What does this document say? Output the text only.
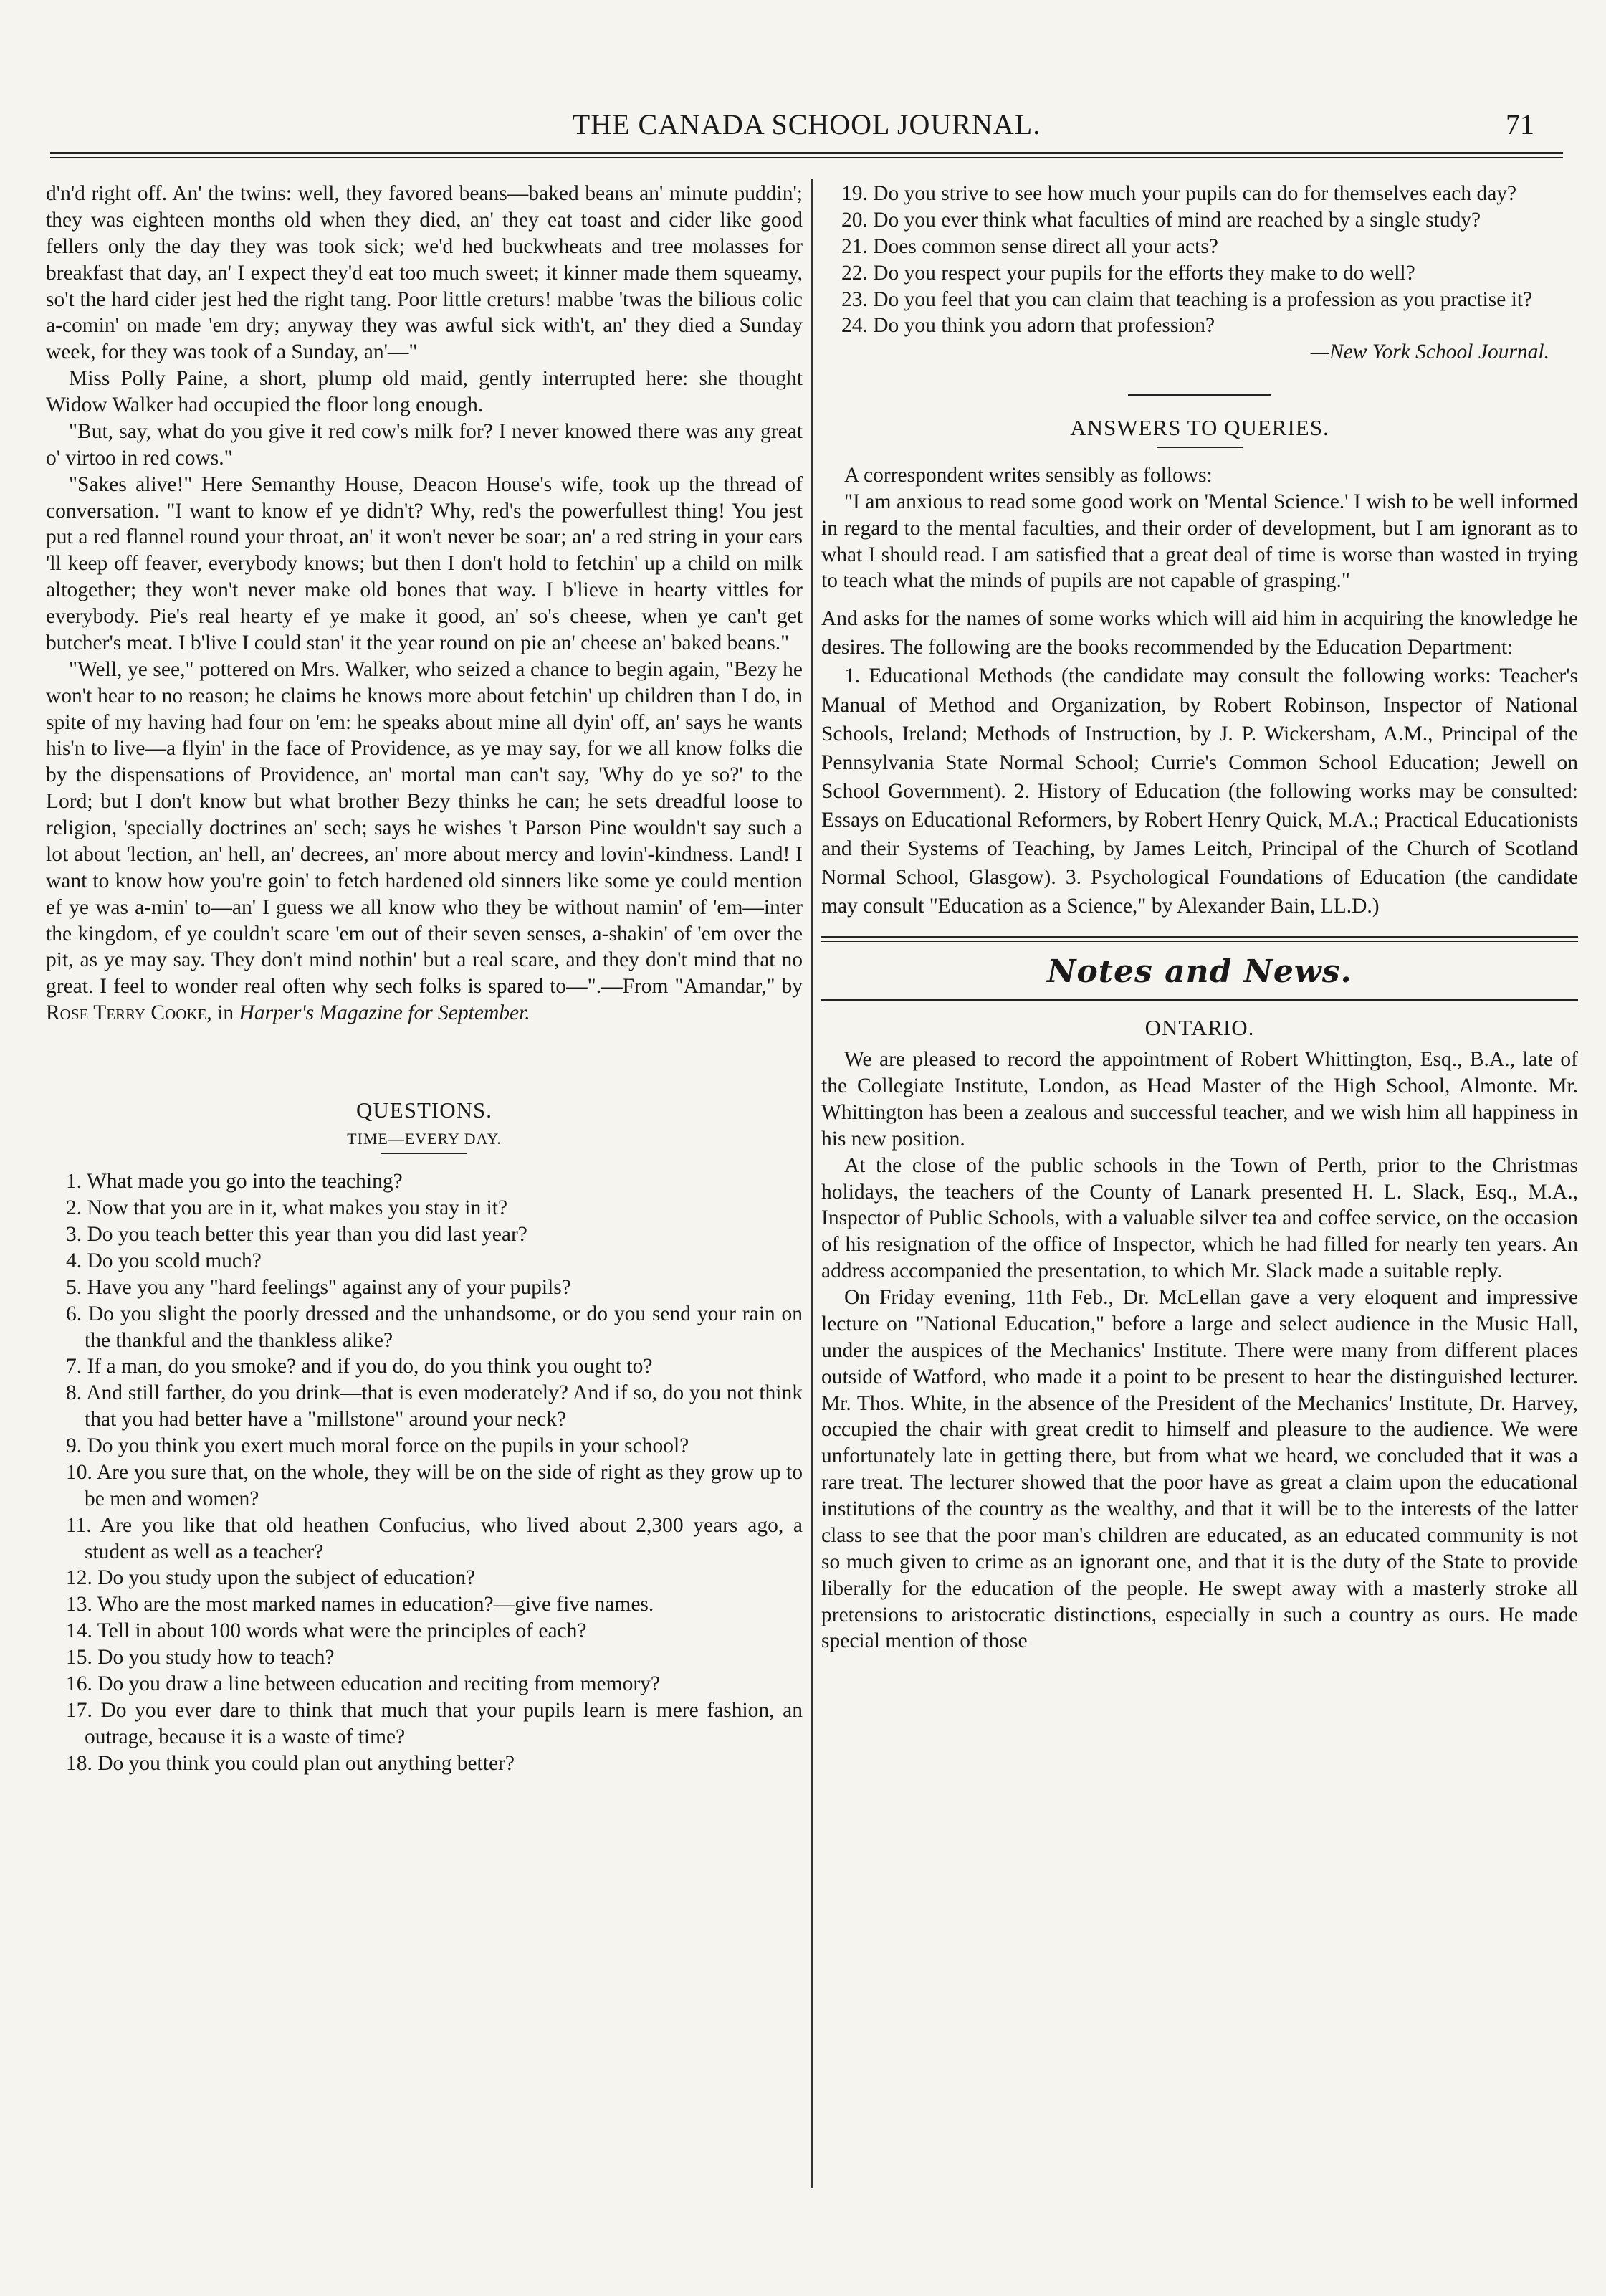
THE CANADA SCHOOL JOURNAL.	71

d'n'd right off. An' the twins: well, they favored beans—baked beans an' minute puddin'; they was eighteen months old when they died, an' they eat toast and cider like good fellers only the day they was took sick; we'd hed buckwheats and tree molasses for breakfast that day, an' I expect they'd eat too much sweet; it kinner made them squeamy, so't the hard cider jest hed the right tang. Poor little creturs! mabbe 'twas the bilious colic a-comin' on made 'em dry; anyway they was awful sick with't, an' they died a Sunday week, for they was took of a Sunday, an'—"

Miss Polly Paine, a short, plump old maid, gently interrupted here: she thought Widow Walker had occupied the floor long enough.

"But, say, what do you give it red cow's milk for? I never knowed there was any great o' virtoo in red cows."

"Sakes alive!" Here Semanthy House, Deacon House's wife, took up the thread of conversation. "I want to know ef ye didn't? Why, red's the powerfullest thing! You jest put a red flannel round your throat, an' it won't never be soar; an' a red string in your ears 'll keep off feaver, everybody knows; but then I don't hold to fetchin' up a child on milk altogether; they won't never make old bones that way. I b'lieve in hearty vittles for everybody. Pie's real hearty ef ye make it good, an' so's cheese, when ye can't get butcher's meat. I b'live I could stan' it the year round on pie an' cheese an' baked beans."

"Well, ye see," pottered on Mrs. Walker, who seized a chance to begin again, "Bezy he won't hear to no reason; he claims he knows more about fetchin' up children than I do, in spite of my having had four on 'em: he speaks about mine all dyin' off, an' says he wants his'n to live—a flyin' in the face of Providence, as ye may say, for we all know folks die by the dispensations of Providence, an' mortal man can't say, 'Why do ye so?' to the Lord; but I don't know but what brother Bezy thinks he can; he sets dreadful loose to religion, 'specially doctrines an' sech; says he wishes 't Parson Pine wouldn't say such a lot about 'lection, an' hell, an' decrees, an' more about mercy and lovin'-kindness. Land! I want to know how you're goin' to fetch hardened old sinners like some ye could mention ef ye was a-min' to—an' I guess we all know who they be without namin' of 'em—inter the kingdom, ef ye couldn't scare 'em out of their seven senses, a-shakin' of 'em over the pit, as ye may say. They don't mind nothin' but a real scare, and they don't mind that no great. I feel to wonder real often why sech folks is spared to—".—From "Amandar," by Rose Terry Cooke, in Harper's Magazine for September.

QUESTIONS.
TIME—EVERY DAY.
1. What made you go into the teaching?
2. Now that you are in it, what makes you stay in it?
3. Do you teach better this year than you did last year?
4. Do you scold much?
5. Have you any "hard feelings" against any of your pupils?
6. Do you slight the poorly dressed and the unhandsome, or do you send your rain on the thankful and the thankless alike?
7. If a man, do you smoke? and if you do, do you think you ought to?
8. And still farther, do you drink—that is even moderately? And if so, do you not think that you had better have a "millstone" around your neck?
9. Do you think you exert much moral force on the pupils in your school?
10. Are you sure that, on the whole, they will be on the side of right as they grow up to be men and women?
11. Are you like that old heathen Confucius, who lived about 2,300 years ago, a student as well as a teacher?
12. Do you study upon the subject of education?
13. Who are the most marked names in education?—give five names.
14. Tell in about 100 words what were the principles of each?
15. Do you study how to teach?
16. Do you draw a line between education and reciting from memory?
17. Do you ever dare to think that much that your pupils learn is mere fashion, an outrage, because it is a waste of time?
18. Do you think you could plan out anything better?
19. Do you strive to see how much your pupils can do for themselves each day?
20. Do you ever think what faculties of mind are reached by a single study?
21. Does common sense direct all your acts?
22. Do you respect your pupils for the efforts they make to do well?
23. Do you feel that you can claim that teaching is a profession as you practise it?
24. Do you think you adorn that profession?
—New York School Journal.
ANSWERS TO QUERIES.

A correspondent writes sensibly as follows:

"I am anxious to read some good work on 'Mental Science.' I wish to be well informed in regard to the mental faculties, and their order of development, but I am ignorant as to what I should read. I am satisfied that a great deal of time is worse than wasted in trying to teach what the minds of pupils are not capable of grasping."

And asks for the names of some works which will aid him in acquiring the knowledge he desires. The following are the books recommended by the Education Department:

1. Educational Methods (the candidate may consult the following works: Teacher's Manual of Method and Organization, by Robert Robinson, Inspector of National Schools, Ireland; Methods of Instruction, by J. P. Wickersham, A.M., Principal of the Pennsylvania State Normal School; Currie's Common School Education; Jewell on School Government). 2. History of Education (the following works may be consulted: Essays on Educational Reformers, by Robert Henry Quick, M.A.; Practical Educationists and their Systems of Teaching, by James Leitch, Principal of the Church of Scotland Normal School, Glasgow). 3. Psychological Foundations of Education (the candidate may consult "Education as a Science," by Alexander Bain, LL.D.)

Notes and News.
ONTARIO.

We are pleased to record the appointment of Robert Whittington, Esq., B.A., late of the Collegiate Institute, London, as Head Master of the High School, Almonte. Mr. Whittington has been a zealous and successful teacher, and we wish him all happiness in his new position.

At the close of the public schools in the Town of Perth, prior to the Christmas holidays, the teachers of the County of Lanark presented H. L. Slack, Esq., M.A., Inspector of Public Schools, with a valuable silver tea and coffee service, on the occasion of his resignation of the office of Inspector, which he had filled for nearly ten years. An address accompanied the presentation, to which Mr. Slack made a suitable reply.

On Friday evening, 11th Feb., Dr. McLellan gave a very eloquent and impressive lecture on "National Education," before a large and select audience in the Music Hall, under the auspices of the Mechanics' Institute. There were many from different places outside of Watford, who made it a point to be present to hear the distinguished lecturer. Mr. Thos. White, in the absence of the President of the Mechanics' Institute, Dr. Harvey, occupied the chair with great credit to himself and pleasure to the audience. We were unfortunately late in getting there, but from what we heard, we concluded that it was a rare treat. The lecturer showed that the poor have as great a claim upon the educational institutions of the country as the wealthy, and that it will be to the interests of the latter class to see that the poor man's children are educated, as an educated community is not so much given to crime as an ignorant one, and that it is the duty of the State to provide liberally for the education of the people. He swept away with a masterly stroke all pretensions to aristocratic distinctions, especially in such a country as ours. He made special mention of those
